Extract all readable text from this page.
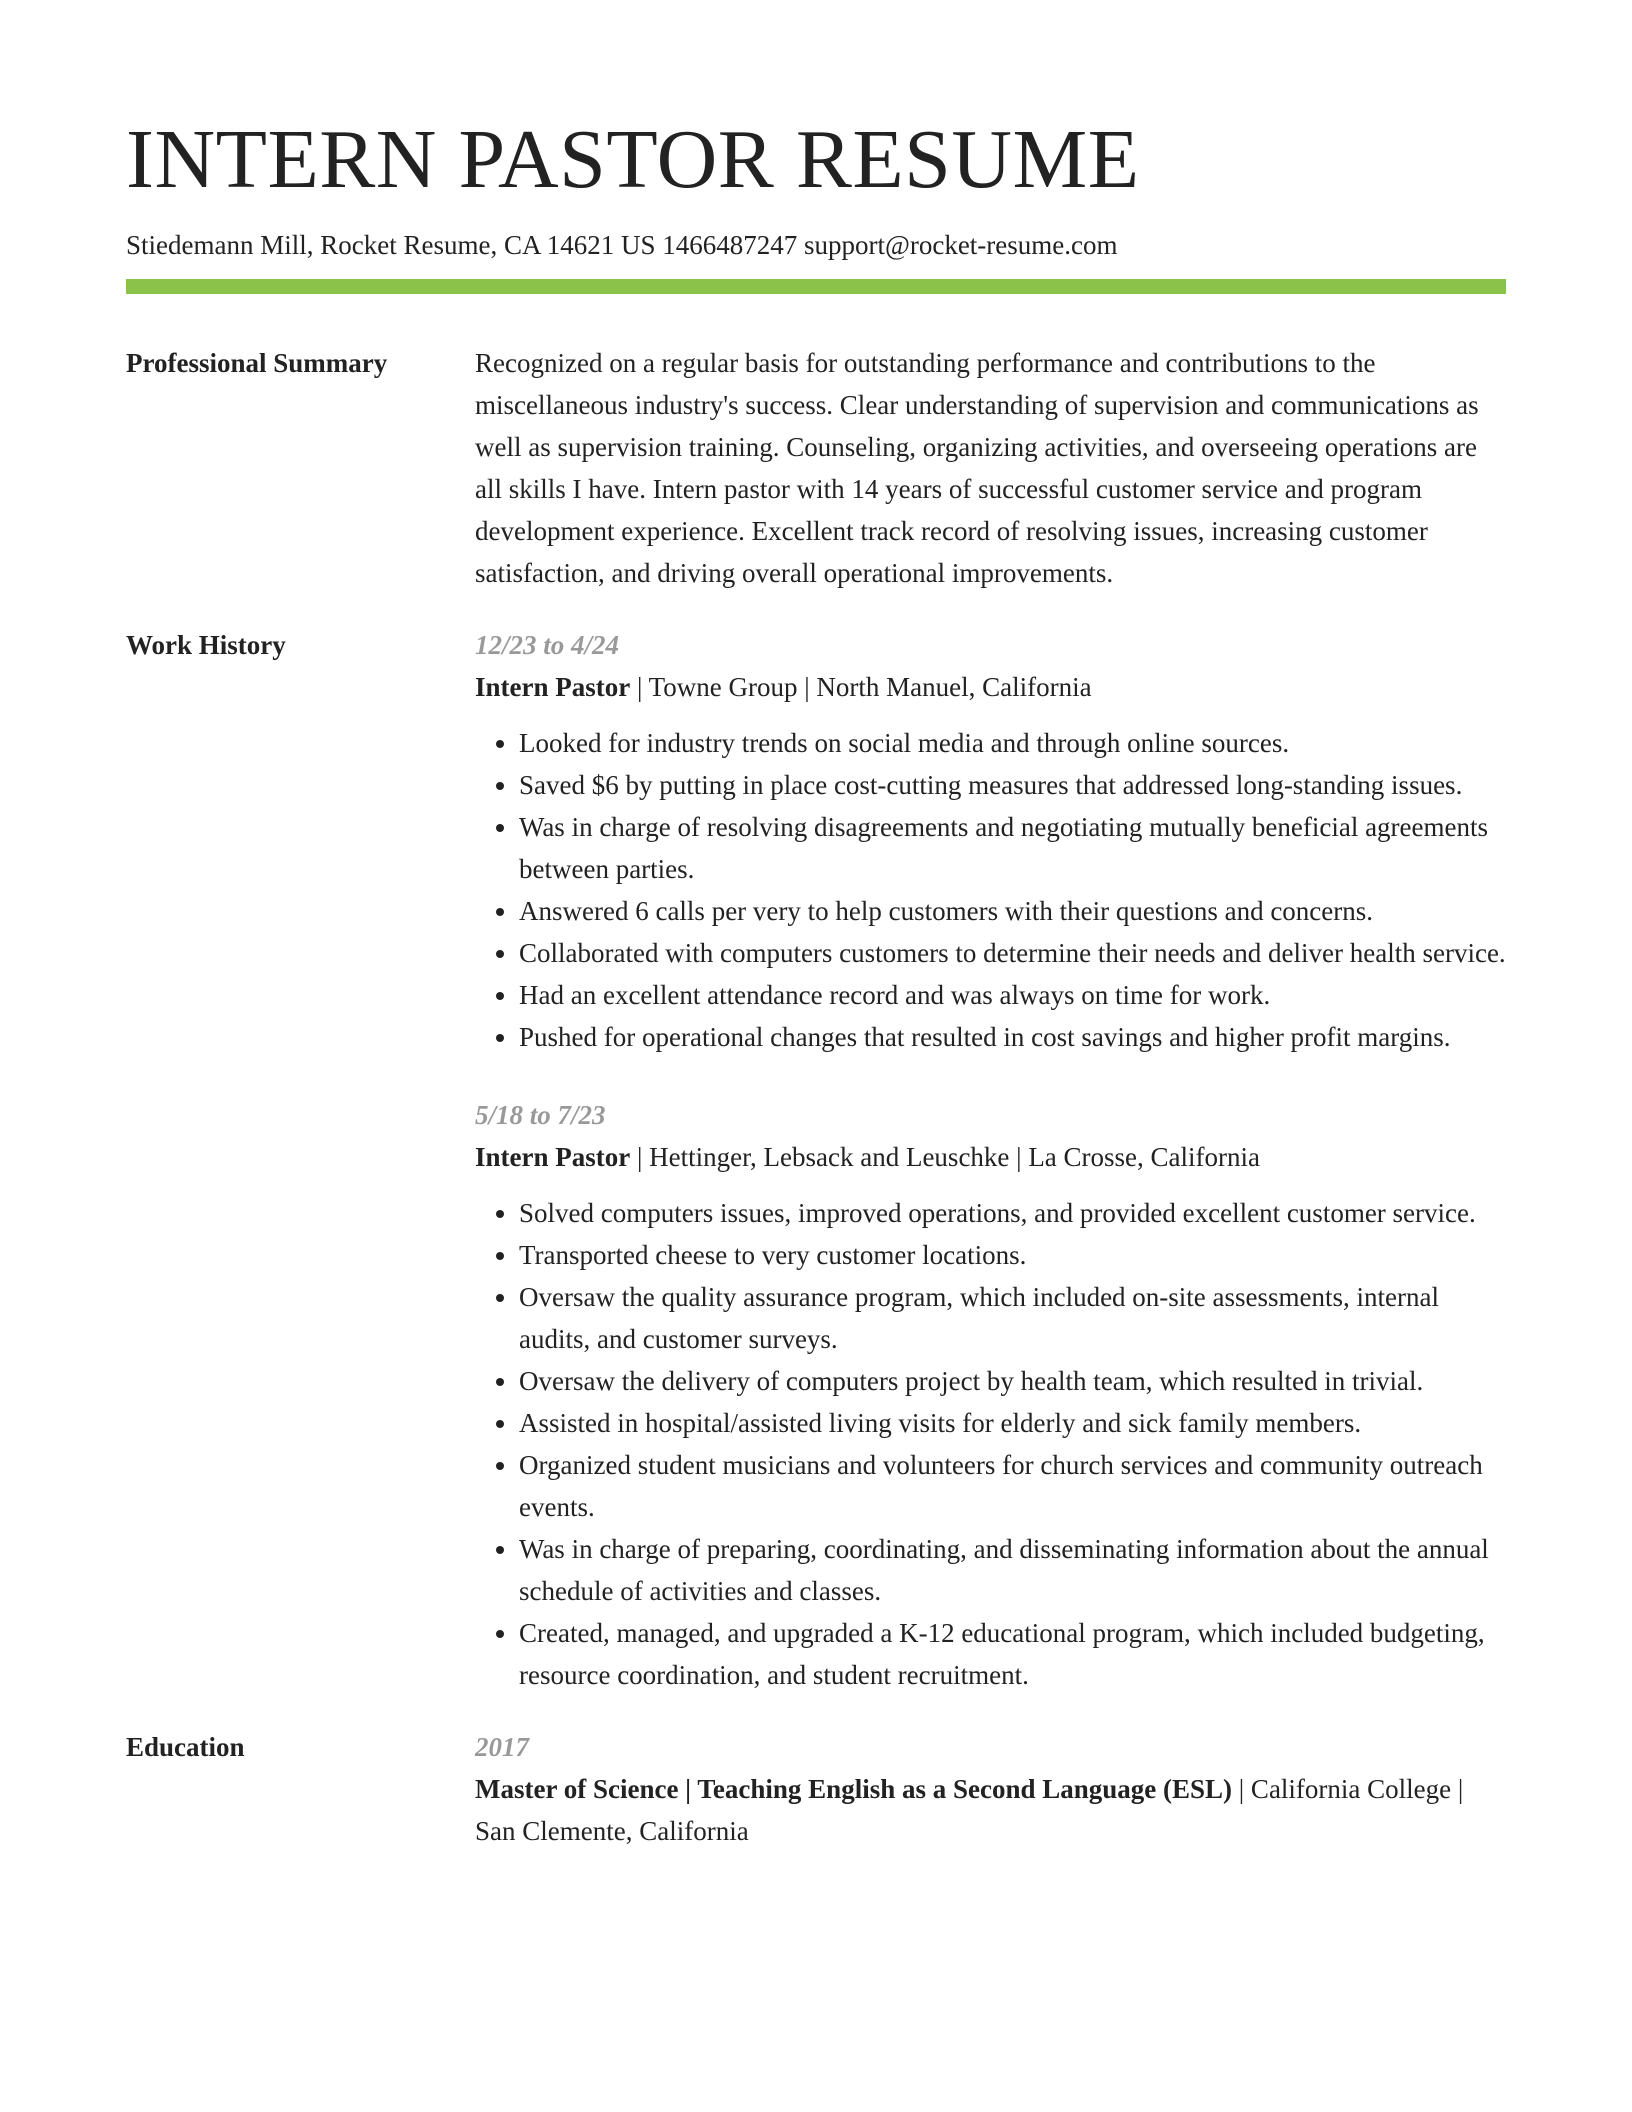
INTERN PASTOR RESUME
Stiedemann Mill, Rocket Resume, CA 14621 US 1466487247 support@rocket-resume.com
Professional Summary	Recognized on a regular basis for outstanding performance and contributions to the miscellaneous industry's success. Clear understanding of supervision and communications as well as supervision training. Counseling, organizing activities, and overseeing operations are all skills I have. Intern pastor with 14 years of successful customer service and program development experience. Excellent track record of resolving issues, increasing customer satisfaction, and driving overall operational improvements.

Work History	12/23 to 4/24
Intern Pastor | Towne Group | North Manuel, California
• Looked for industry trends on social media and through online sources.
• Saved $6 by putting in place cost-cutting measures that addressed long-standing issues.
• Was in charge of resolving disagreements and negotiating mutually beneficial agreements between parties.
• Answered 6 calls per very to help customers with their questions and concerns.
• Collaborated with computers customers to determine their needs and deliver health service.
• Had an excellent attendance record and was always on time for work.
• Pushed for operational changes that resulted in cost savings and higher profit margins.
5/18 to 7/23
Intern Pastor | Hettinger, Lebsack and Leuschke | La Crosse, California
• Solved computers issues, improved operations, and provided excellent customer service.
• Transported cheese to very customer locations.
• Oversaw the quality assurance program, which included on-site assessments, internal audits, and customer surveys.
• Oversaw the delivery of computers project by health team, which resulted in trivial.
• Assisted in hospital/assisted living visits for elderly and sick family members.
• Organized student musicians and volunteers for church services and community outreach events.
• Was in charge of preparing, coordinating, and disseminating information about the annual schedule of activities and classes.
• Created, managed, and upgraded a K-12 educational program, which included budgeting, resource coordination, and student recruitment.
Education	2017
Master of Science | Teaching English as a Second Language (ESL) | California College | San Clemente, California
